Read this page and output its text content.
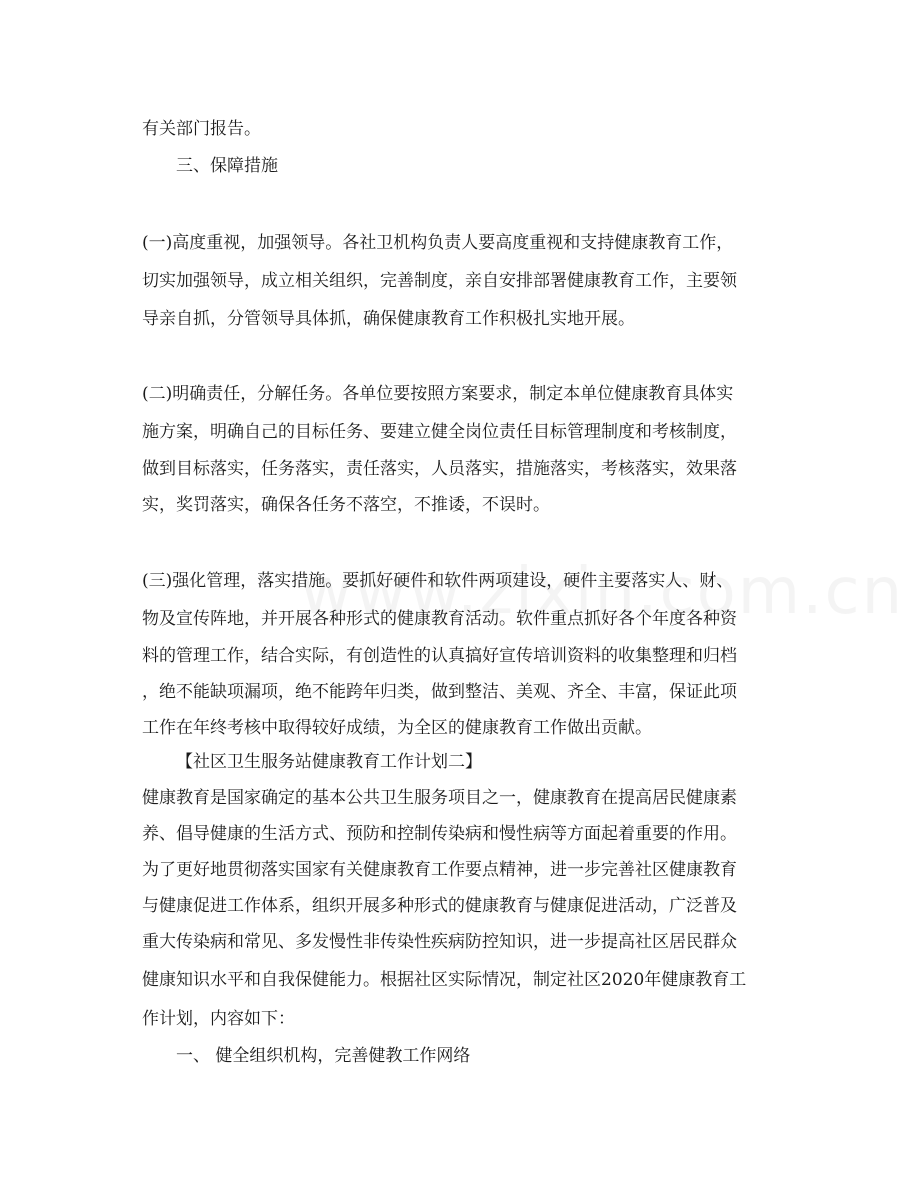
有关部门报告。
三、保障措施
(一)高度重视，加强领导。各社卫机构负责人要高度重视和支持健康教育工作，
切实加强领导，成立相关组织，完善制度，亲自安排部署健康教育工作，主要领
导亲自抓，分管领导具体抓，确保健康教育工作积极扎实地开展。
(二)明确责任，分解任务。各单位要按照方案要求，制定本单位健康教育具体实
施方案，明确自己的目标任务、要建立健全岗位责任目标管理制度和考核制度，
做到目标落实，任务落实，责任落实，人员落实，措施落实，考核落实，效果落
实，奖罚落实，确保各任务不落空，不推诿，不误时。
(三)强化管理，落实措施。要抓好硬件和软件两项建设，硬件主要落实人、财、
物及宣传阵地，并开展各种形式的健康教育活动。软件重点抓好各个年度各种资
料的管理工作，结合实际，有创造性的认真搞好宣传培训资料的收集整理和归档
，绝不能缺项漏项，绝不能跨年归类，做到整洁、美观、齐全、丰富，保证此项
工作在年终考核中取得较好成绩，为全区的健康教育工作做出贡献。
【社区卫生服务站健康教育工作计划二】
健康教育是国家确定的基本公共卫生服务项目之一，健康教育在提高居民健康素
养、倡导健康的生活方式、预防和控制传染病和慢性病等方面起着重要的作用。
为了更好地贯彻落实国家有关健康教育工作要点精神，进一步完善社区健康教育
与健康促进工作体系，组织开展多种形式的健康教育与健康促进活动，广泛普及
重大传染病和常见、多发慢性非传染性疾病防控知识，进一步提高社区居民群众
健康知识水平和自我保健能力。根据社区实际情况，制定社区2020年健康教育工
作计划，内容如下：
一、 健全组织机构，完善健教工作网络
